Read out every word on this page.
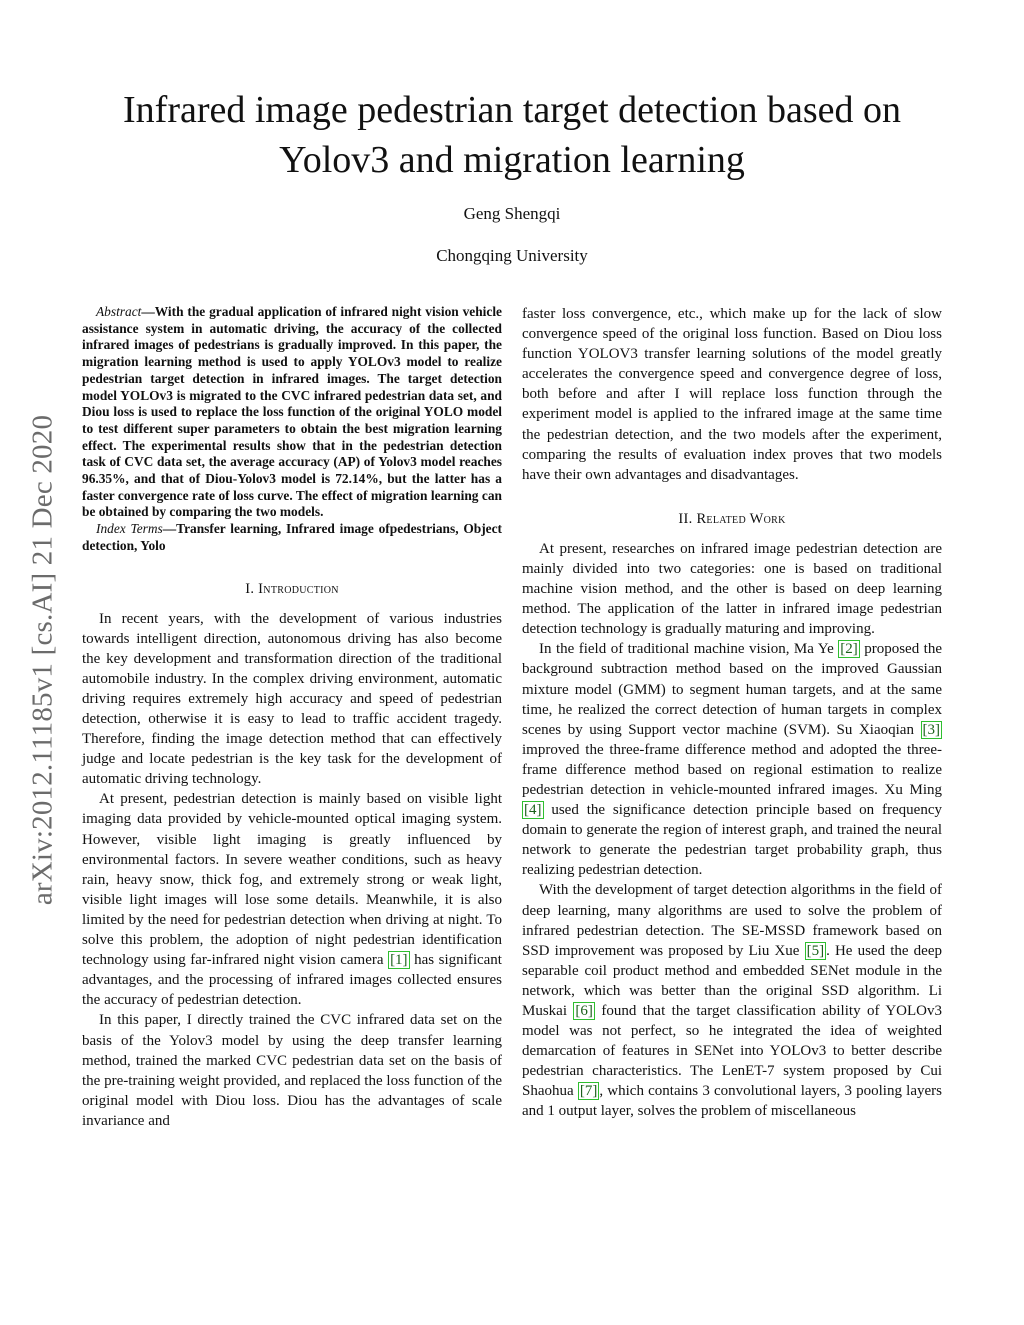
arXiv:2012.11185v1 [cs.AI] 21 Dec 2020
Infrared image pedestrian target detection based on Yolov3 and migration learning
Geng Shengqi
Chongqing University

Abstract—With the gradual application of infrared night vision vehicle assistance system in automatic driving, the accuracy of the collected infrared images of pedestrians is gradually improved. In this paper, the migration learning method is used to apply YOLOv3 model to realize pedestrian target detection in infrared images. The target detection model YOLOv3 is migrated to the CVC infrared pedestrian data set, and Diou loss is used to replace the loss function of the original YOLO model to test different super parameters to obtain the best migration learning effect. The experimental results show that in the pedestrian detection task of CVC data set, the average accuracy (AP) of Yolov3 model reaches 96.35%, and that of Diou-Yolov3 model is 72.14%, but the latter has a faster convergence rate of loss curve. The effect of migration learning can be obtained by comparing the two models.

Index Terms—Transfer learning, Infrared image ofpedestrians, Object detection, Yolo

I. Introduction

In recent years, with the development of various industries towards intelligent direction, autonomous driving has also become the key development and transformation direction of the traditional automobile industry. In the complex driving environment, automatic driving requires extremely high accuracy and speed of pedestrian detection, otherwise it is easy to lead to traffic accident tragedy. Therefore, finding the image detection method that can effectively judge and locate pedestrian is the key task for the development of automatic driving technology.

At present, pedestrian detection is mainly based on visible light imaging data provided by vehicle-mounted optical imaging system. However, visible light imaging is greatly influenced by environmental factors. In severe weather conditions, such as heavy rain, heavy snow, thick fog, and extremely strong or weak light, visible light images will lose some details. Meanwhile, it is also limited by the need for pedestrian detection when driving at night. To solve this problem, the adoption of night pedestrian identification technology using far-infrared night vision camera [1] has significant advantages, and the processing of infrared images collected ensures the accuracy of pedestrian detection.

In this paper, I directly trained the CVC infrared data set on the basis of the Yolov3 model by using the deep transfer learning method, trained the marked CVC pedestrian data set on the basis of the pre-training weight provided, and replaced the loss function of the original model with Diou loss. Diou has the advantages of scale invariance and

faster loss convergence, etc., which make up for the lack of slow convergence speed of the original loss function. Based on Diou loss function YOLOV3 transfer learning solutions of the model greatly accelerates the convergence speed and convergence degree of loss, both before and after I will replace loss function through the experiment model is applied to the infrared image at the same time the pedestrian detection, and the two models after the experiment, comparing the results of evaluation index proves that two models have their own advantages and disadvantages.

II. Related Work

At present, researches on infrared image pedestrian detection are mainly divided into two categories: one is based on traditional machine vision method, and the other is based on deep learning method. The application of the latter in infrared image pedestrian detection technology is gradually maturing and improving.

In the field of traditional machine vision, Ma Ye [2] proposed the background subtraction method based on the improved Gaussian mixture model (GMM) to segment human targets, and at the same time, he realized the correct detection of human targets in complex scenes by using Support vector machine (SVM). Su Xiaoqian [3] improved the three-frame difference method and adopted the three-frame difference method based on regional estimation to realize pedestrian detection in vehicle-mounted infrared images. Xu Ming [4] used the significance detection principle based on frequency domain to generate the region of interest graph, and trained the neural network to generate the pedestrian target probability graph, thus realizing pedestrian detection.

With the development of target detection algorithms in the field of deep learning, many algorithms are used to solve the problem of infrared pedestrian detection. The SE-MSSD framework based on SSD improvement was proposed by Liu Xue [5] . He used the deep separable coil product method and embedded SENet module in the network, which was better than the original SSD algorithm. Li Muskai [6] found that the target classification ability of YOLOv3 model was not perfect, so he integrated the idea of weighted demarcation of features in SENet into YOLOv3 to better describe pedestrian characteristics. The LenET-7 system proposed by Cui Shaohua [7] , which contains 3 convolutional layers, 3 pooling layers and 1 output layer, solves the problem of miscellaneous
